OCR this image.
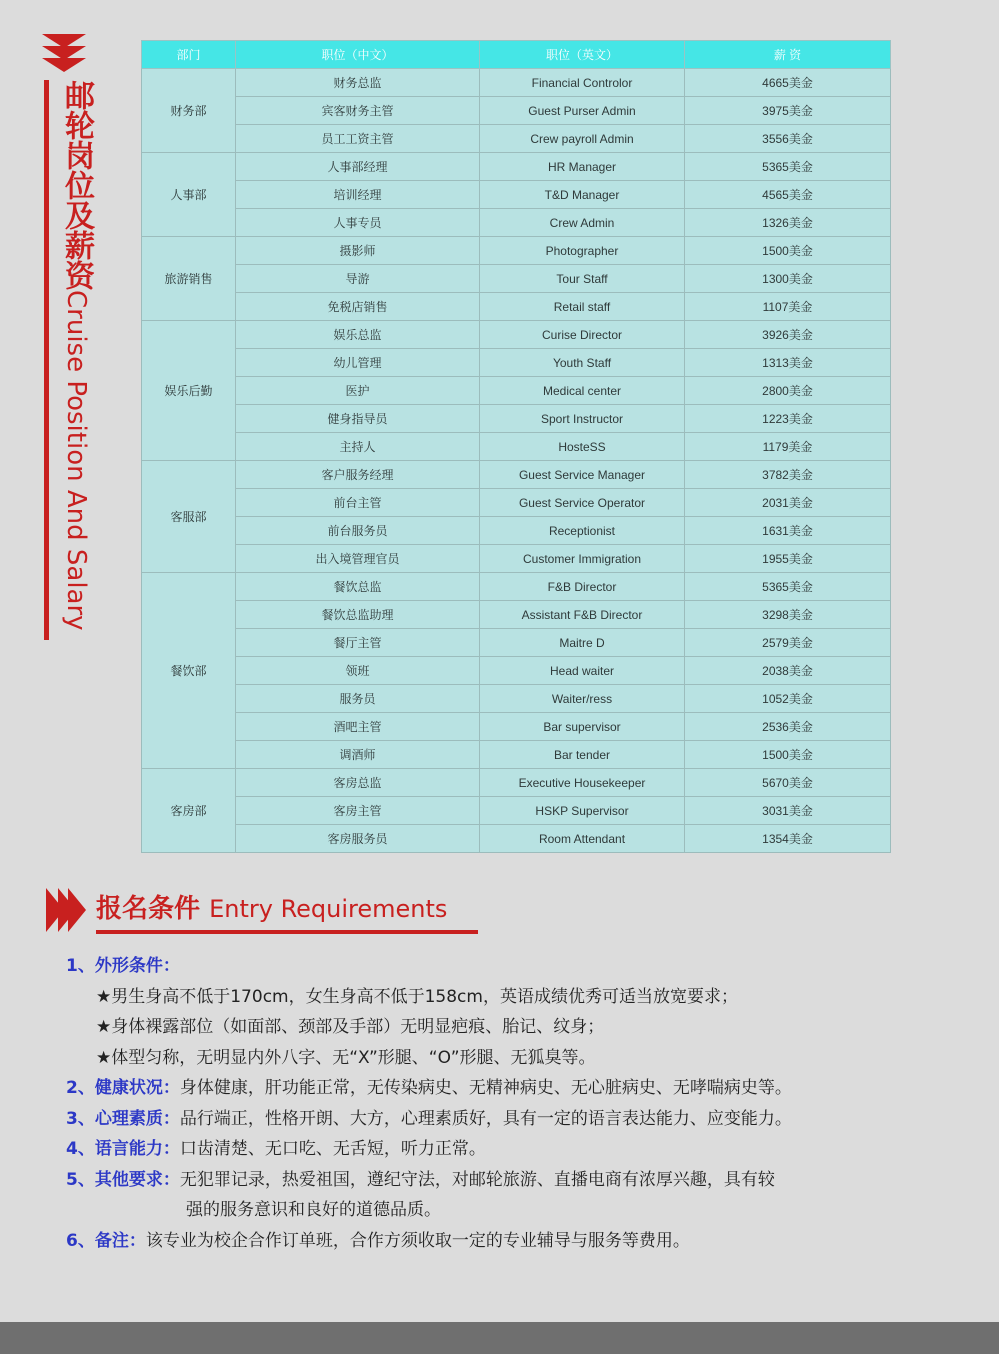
邮轮岗位及薪资Cruise Position And Salary
部门	职位（中文）	职位（英文）	薪 资
财务部	财务总监	Financial Controlor	4665美金
	宾客财务主管	Guest Purser Admin	3975美金
	员工工资主管	Crew payroll Admin	3556美金
人事部	人事部经理	HR Manager	5365美金
	培训经理	T&D Manager	4565美金
	人事专员	Crew Admin	1326美金
旅游销售	摄影师	Photographer	1500美金
	导游	Tour Staff	1300美金
	免税店销售	Retail staff	1107美金
娱乐后勤	娱乐总监	Curise Director	3926美金
	幼儿管理	Youth Staff	1313美金
	医护	Medical center	2800美金
	健身指导员	Sport Instructor	1223美金
	主持人	HosteSS	1179美金
客服部	客户服务经理	Guest Service Manager	3782美金
	前台主管	Guest Service Operator	2031美金
	前台服务员	Receptionist	1631美金
	出入境管理官员	Customer Immigration	1955美金
餐饮部	餐饮总监	F&B Director	5365美金
	餐饮总监助理	Assistant F&B Director	3298美金
	餐厅主管	Maitre D	2579美金
	领班	Head waiter	2038美金
	服务员	Waiter/ress	1052美金
	酒吧主管	Bar supervisor	2536美金
	调酒师	Bar tender	1500美金
客房部	客房总监	Executive Housekeeper	5670美金
	客房主管	HSKP Supervisor	3031美金
	客房服务员	Room Attendant	1354美金
报名条件 Entry Requirements
1、外形条件：
★男生身高不低于170cm，女生身高不低于158cm，英语成绩优秀可适当放宽要求；
★身体裸露部位（如面部、颈部及手部）无明显疤痕、胎记、纹身；
★体型匀称，无明显内外八字、无“X”形腿、“O”形腿、无狐臭等。
2、健康状况：身体健康，肝功能正常，无传染病史、无精神病史、无心脏病史、无哮喘病史等。
3、心理素质：品行端正，性格开朗、大方，心理素质好，具有一定的语言表达能力、应变能力。
4、语言能力：口齿清楚、无口吃、无舌短，听力正常。
5、其他要求：无犯罪记录，热爱祖国，遵纪守法，对邮轮旅游、直播电商有浓厚兴趣，具有较
强的服务意识和良好的道德品质。
6、备注：该专业为校企合作订单班，合作方须收取一定的专业辅导与服务等费用。
